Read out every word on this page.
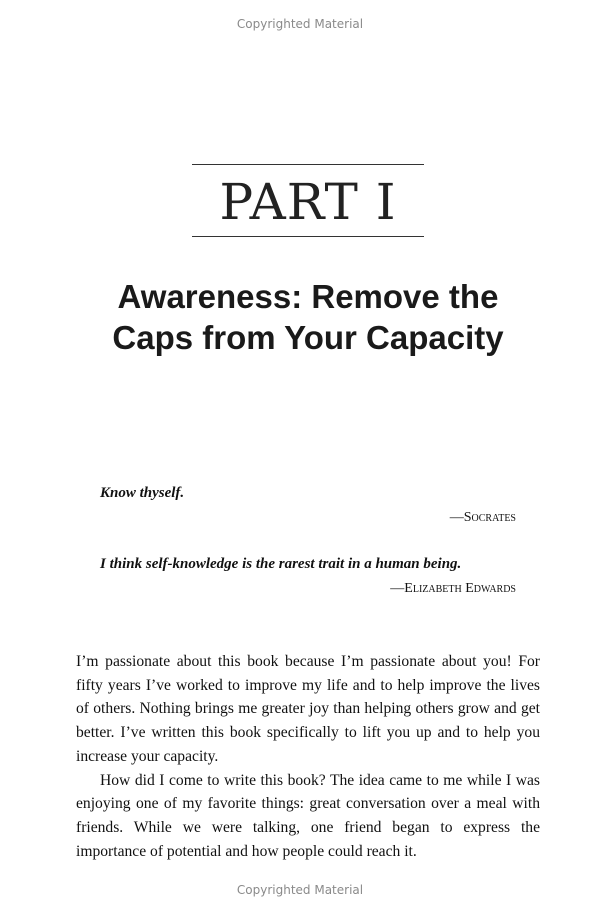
Copyrighted Material
PART I
Awareness: Remove the
Caps from Your Capacity
Know thyself.
—Socrates
I think self-knowledge is the rarest trait in a human being.
—Elizabeth Edwards

I’m passionate about this book because I’m passionate about you! For fifty years I’ve worked to improve my life and to help improve the lives of others. Nothing brings me greater joy than helping others grow and get better. I’ve written this book specifically to lift you up and to help you increase your capacity.

How did I come to write this book? The idea came to me while I was enjoying one of my favorite things: great conversation over a meal with friends. While we were talking, one friend began to express the importance of potential and how people could reach it.

Copyrighted Material
